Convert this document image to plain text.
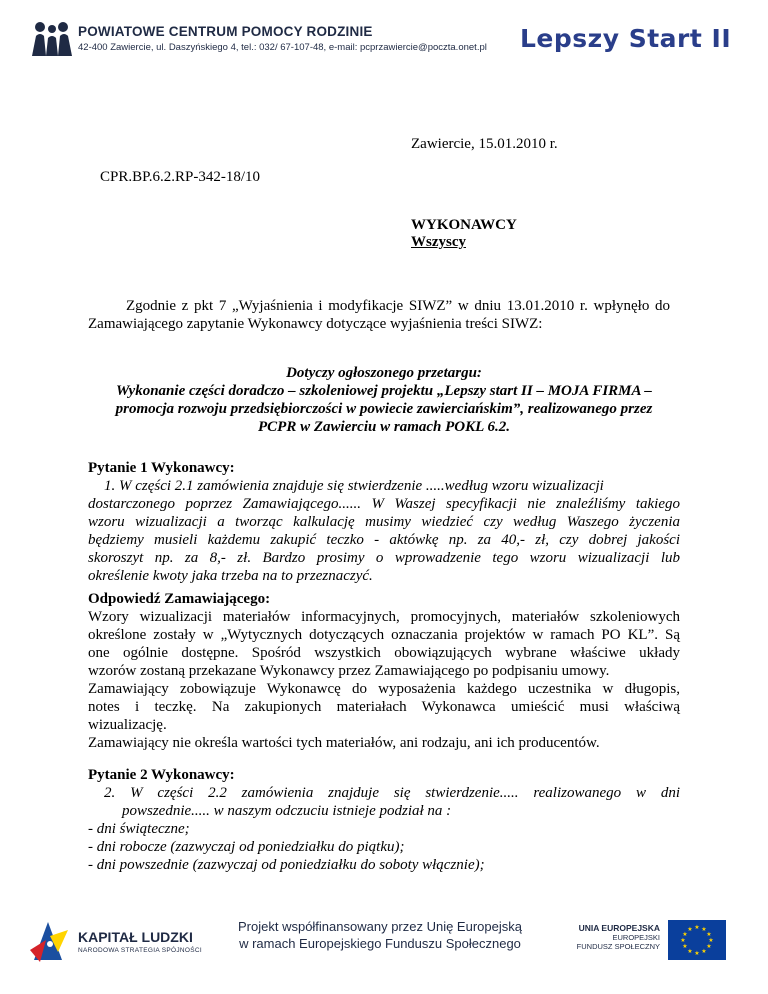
POWIATOWE CENTRUM POMOCY RODZINIE
42-400 Zawiercie, ul. Daszyńskiego 4, tel.: 032/ 67-107-48, e-mail: pcprzawiercie@poczta.onet.pl Lepszy Start II
Zawiercie, 15.01.2010 r.
CPR.BP.6.2.RP-342-18/10
WYKONAWCY
Wszyscy
Zgodnie z pkt 7 „Wyjaśnienia i modyfikacje SIWZ” w dniu 13.01.2010 r. wpłynęło do
Zamawiającego zapytanie Wykonawcy dotyczące wyjaśnienia treści SIWZ:
Dotyczy ogłoszonego przetargu:
Wykonanie części doradczo – szkoleniowej projektu „Lepszy start II – MOJA FIRMA –
promocja rozwoju przedsiębiorczości w powiecie zawierciańskim”, realizowanego przez
PCPR w Zawierciu w ramach POKL 6.2.
Pytanie 1 Wykonawcy:
1. W części 2.1 zamówienia znajduje się stwierdzenie .....według wzoru wizualizacji
dostarczonego poprzez Zamawiającego...... W Waszej specyfikacji nie znaleźliśmy takiego
wzoru wizualizacji a tworząc kalkulację musimy wiedzieć czy według Waszego życzenia
będziemy musieli każdemu zakupić teczko - aktówkę np. za 40,- zł, czy dobrej jakości
skoroszyt np. za 8,- zł. Bardzo prosimy o wprowadzenie tego wzoru wizualizacji lub
określenie kwoty jaka trzeba na to przeznaczyć.
Odpowiedź Zamawiającego:
Wzory wizualizacji materiałów informacyjnych, promocyjnych, materiałów szkoleniowych
określone zostały w „Wytycznych dotyczących oznaczania projektów w ramach PO KL”. Są
one ogólnie dostępne. Spośród wszystkich obowiązujących wybrane właściwe układy
wzorów zostaną przekazane Wykonawcy przez Zamawiającego po podpisaniu umowy.
Zamawiający zobowiązuje Wykonawcę do wyposażenia każdego uczestnika w długopis,
notes i teczkę. Na zakupionych materiałach Wykonawca umieścić musi właściwą
wizualizację.
Zamawiający nie określa wartości tych materiałów, ani rodzaju, ani ich producentów.
Pytanie 2 Wykonawcy:
2. W części 2.2 zamówienia znajduje się stwierdzenie..... realizowanego w dni
powszednie..... w naszym odczuciu istnieje podział na :
- dni świąteczne;
- dni robocze (zazwyczaj od poniedziałku do piątku);
- dni powszednie (zazwyczaj od poniedziałku do soboty włącznie);
KAPITAŁ LUDZKI
NARODOWA STRATEGIA SPÓJNOŚCI
Projekt współfinansowany przez Unię Europejską
w ramach Europejskiego Funduszu Społecznego
UNIA EUROPEJSKA
EUROPEJSKI
FUNDUSZ SPOŁECZNY
★ ★
★
★
★
★
★
★
★
★
★
★
